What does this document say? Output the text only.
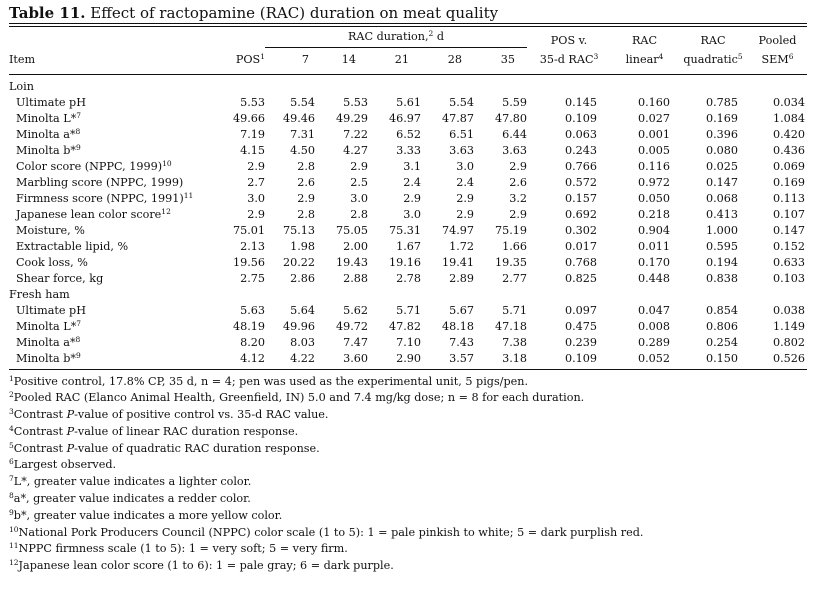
Table 11. Effect of ractopamine (RAC) duration on meat quality
		RAC duration,$^2$ d					POS v.	RAC	RAC	Pooled
Item	POS$^1$	7	14	21	28	35	35-d RAC$^3$	linear$^4$	quadratic$^5$	SEM$^6$

Loin										
Ultimate pH	5.53	5.54	5.53	5.61	5.54	5.59	0.145	0.160	0.785	0.034
Minolta L*$^7$	49.66	49.46	49.29	46.97	47.87	47.80	0.109	0.027	0.169	1.084
Minolta a*$^8$	7.19	7.31	7.22	6.52	6.51	6.44	0.063	0.001	0.396	0.420
Minolta b*$^9$	4.15	4.50	4.27	3.33	3.63	3.63	0.243	0.005	0.080	0.436
Color score (NPPC, 1999)$^{10}$	2.9	2.8	2.9	3.1	3.0	2.9	0.766	0.116	0.025	0.069
Marbling score (NPPC, 1999)	2.7	2.6	2.5	2.4	2.4	2.6	0.572	0.972	0.147	0.169
Firmness score (NPPC, 1991)$^{11}$	3.0	2.9	3.0	2.9	2.9	3.2	0.157	0.050	0.068	0.113
Japanese lean color score$^{12}$	2.9	2.8	2.8	3.0	2.9	2.9	0.692	0.218	0.413	0.107
Moisture, %	75.01	75.13	75.05	75.31	74.97	75.19	0.302	0.904	1.000	0.147
Extractable lipid, %	2.13	1.98	2.00	1.67	1.72	1.66	0.017	0.011	0.595	0.152
Cook loss, %	19.56	20.22	19.43	19.16	19.41	19.35	0.768	0.170	0.194	0.633
Shear force, kg	2.75	2.86	2.88	2.78	2.89	2.77	0.825	0.448	0.838	0.103
Fresh ham										
Ultimate pH	5.63	5.64	5.62	5.71	5.67	5.71	0.097	0.047	0.854	0.038
Minolta L*$^7$	48.19	49.96	49.72	47.82	48.18	47.18	0.475	0.008	0.806	1.149
Minolta a*$^8$	8.20	8.03	7.47	7.10	7.43	7.38	0.239	0.289	0.254	0.802
Minolta b*$^9$	4.12	4.22	3.60	2.90	3.57	3.18	0.109	0.052	0.150	0.526
$^1$Positive control, 17.8% CP, 35 d, n = 4; pen was used as the experimental unit, 5 pigs/pen.
$^2$Pooled RAC (Elanco Animal Health, Greenfield, IN) 5.0 and 7.4 mg/kg dose; n = 8 for each duration.
$^3$Contrast P-value of positive control vs. 35-d RAC value.
$^4$Contrast P-value of linear RAC duration response.
$^5$Contrast P-value of quadratic RAC duration response.
$^6$Largest observed.
$^7$L*, greater value indicates a lighter color.
$^8$a*, greater value indicates a redder color.
$^9$b*, greater value indicates a more yellow color.
$^{10}$National Pork Producers Council (NPPC) color scale (1 to 5): 1 = pale pinkish to white; 5 = dark purplish red.
$^{11}$NPPC firmness scale (1 to 5): 1 = very soft; 5 = very firm.
$^{12}$Japanese lean color score (1 to 6): 1 = pale gray; 6 = dark purple.
